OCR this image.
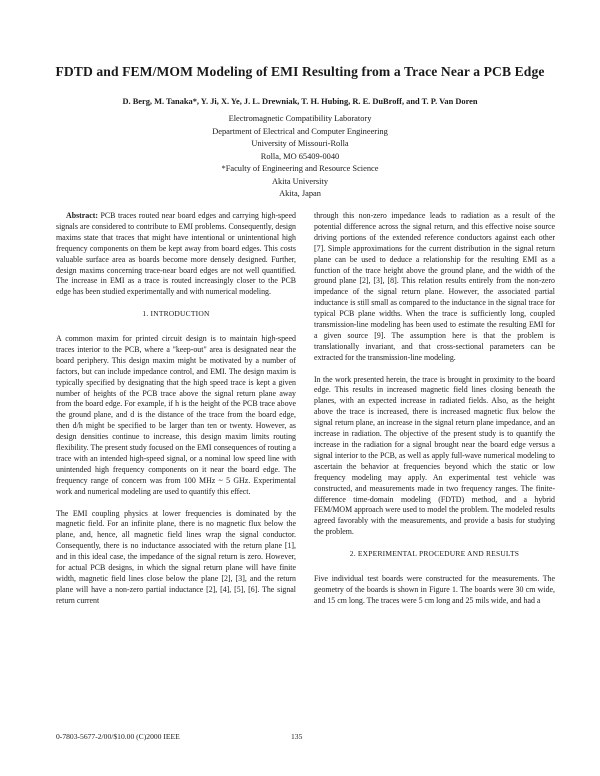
FDTD and FEM/MOM Modeling of EMI Resulting from a Trace Near a PCB Edge
D. Berg, M. Tanaka*, Y. Ji, X. Ye, J. L. Drewniak, T. H. Hubing, R. E. DuBroff, and T. P. Van Doren
Electromagnetic Compatibility Laboratory
Department of Electrical and Computer Engineering
University of Missouri-Rolla
Rolla, MO 65409-0040
*Faculty of Engineering and Resource Science
Akita University
Akita, Japan

Abstract: PCB traces routed near board edges and carrying high-speed signals are considered to contribute to EMI problems. Consequently, design maxims state that traces that might have intentional or unintentional high frequency components on them be kept away from board edges. This costs valuable surface area as boards become more densely designed. Further, design maxims concerning trace-near board edges are not well quantified. The increase in EMI as a trace is routed increasingly closer to the PCB edge has been studied experimentally and with numerical modeling.

1. INTRODUCTION

A common maxim for printed circuit design is to maintain high-speed traces interior to the PCB, where a "keep-out" area is designated near the board periphery. This design maxim might be motivated by a number of factors, but can include impedance control, and EMI. The design maxim is typically specified by designating that the high speed trace is kept a given number of heights of the PCB trace above the signal return plane away from the board edge. For example, if h is the height of the PCB trace above the ground plane, and d is the distance of the trace from the board edge, then d/h might be specified to be larger than ten or twenty. However, as design densities continue to increase, this design maxim limits routing flexibility. The present study focused on the EMI consequences of routing a trace with an intended high-speed signal, or a nominal low speed line with unintended high frequency components on it near the board edge. The frequency range of concern was from 100 MHz ~ 5 GHz. Experimental work and numerical modeling are used to quantify this effect.

The EMI coupling physics at lower frequencies is dominated by the magnetic field. For an infinite plane, there is no magnetic flux below the plane, and, hence, all magnetic field lines wrap the signal conductor. Consequently, there is no inductance associated with the return plane [1], and in this ideal case, the impedance of the signal return is zero. However, for actual PCB designs, in which the signal return plane will have finite width, magnetic field lines close below the plane [2], [3], and the return plane will have a non-zero partial inductance [2], [4], [5], [6]. The signal return current

through this non-zero impedance leads to radiation as a result of the potential difference across the signal return, and this effective noise source driving portions of the extended reference conductors against each other [7]. Simple approximations for the current distribution in the signal return plane can be used to deduce a relationship for the resulting EMI as a function of the trace height above the ground plane, and the width of the ground plane [2], [3], [8]. This relation results entirely from the non-zero impedance of the signal return plane. However, the associated partial inductance is still small as compared to the inductance in the signal trace for typical PCB plane widths. When the trace is sufficiently long, coupled transmission-line modeling has been used to estimate the resulting EMI for a given source [9]. The assumption here is that the problem is translationally invariant, and that cross-sectional parameters can be extracted for the transmission-line modeling.

In the work presented herein, the trace is brought in proximity to the board edge. This results in increased magnetic field lines closing beneath the planes, with an expected increase in radiated fields. Also, as the height above the trace is increased, there is increased magnetic flux below the signal return plane, an increase in the signal return plane impedance, and an increase in radiation. The objective of the present study is to quantify the increase in the radiation for a signal brought near the board edge versus a signal interior to the PCB, as well as apply full-wave numerical modeling to ascertain the behavior at frequencies beyond which the static or low frequency modeling may apply. An experimental test vehicle was constructed, and measurements made in two frequency ranges. The finite-difference time-domain modeling (FDTD) method, and a hybrid FEM/MOM approach were used to model the problem. The modeled results agreed favorably with the measurements, and provide a basis for studying the problem.

2. EXPERIMENTAL PROCEDURE AND RESULTS

Five individual test boards were constructed for the measurements. The geometry of the boards is shown in Figure 1. The boards were 30 cm wide, and 15 cm long. The traces were 5 cm long and 25 mils wide, and had a

0-7803-5677-2/00/$10.00 (C)2000 IEEE	135
